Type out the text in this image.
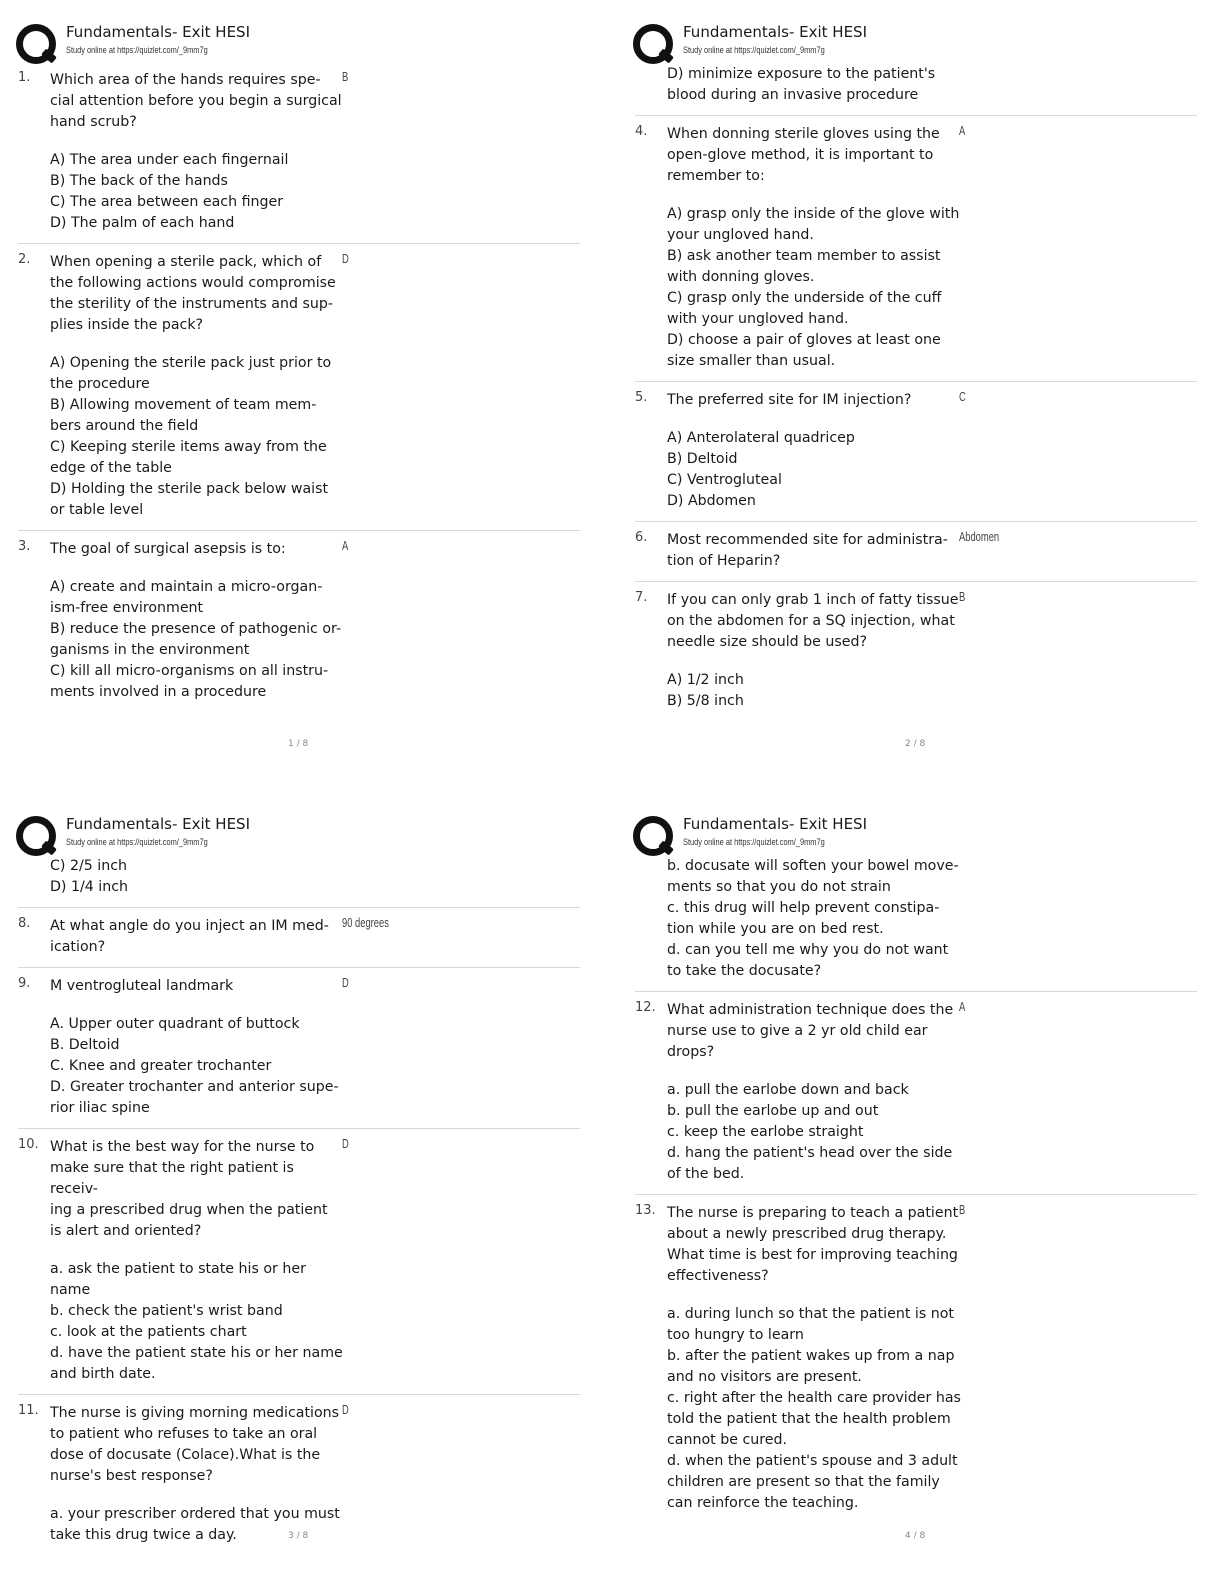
Fundamentals- Exit HESI
Study online at https://quizlet.com/_9mm7g
1.	Which area of the hands requires spe-
cial attention before you begin a surgical
hand scrub?
B
A) The area under each fingernail
B) The back of the hands
C) The area between each finger
D) The palm of each hand
2.	When opening a sterile pack, which of
the following actions would compromise
the sterility of the instruments and sup-
plies inside the pack?
D
A) Opening the sterile pack just prior to
the procedure
B) Allowing movement of team mem-
bers around the field
C) Keeping sterile items away from the
edge of the table
D) Holding the sterile pack below waist
or table level
3.	The goal of surgical asepsis is to:	A
A) create and maintain a micro-organ-
ism-free environment
B) reduce the presence of pathogenic or-
ganisms in the environment
C) kill all micro-organisms on all instru-
ments involved in a procedure
1 / 8
Fundamentals- Exit HESI
Study online at https://quizlet.com/_9mm7g
D) minimize exposure to the patient's
blood during an invasive procedure
4.	When donning sterile gloves using the
open-glove method, it is important to
remember to:
A
A) grasp only the inside of the glove with
your ungloved hand.
B) ask another team member to assist
with donning gloves.
C) grasp only the underside of the cuff
with your ungloved hand.
D) choose a pair of gloves at least one
size smaller than usual.
5.	The preferred site for IM injection?	C
A) Anterolateral quadricep
B) Deltoid
C) Ventrogluteal
D) Abdomen
6.	Most recommended site for administra-
tion of Heparin?
Abdomen
7.	If you can only grab 1 inch of fatty tissue
on the abdomen for a SQ injection, what
needle size should be used?
B
A) 1/2 inch
B) 5/8 inch
2 / 8
Fundamentals- Exit HESI
Study online at https://quizlet.com/_9mm7g
C) 2/5 inch
D) 1/4 inch
8.	At what angle do you inject an IM med-
ication?
90 degrees
9.	M ventrogluteal landmark	D
A. Upper outer quadrant of buttock
B. Deltoid
C. Knee and greater trochanter
D. Greater trochanter and anterior supe-
rior iliac spine
10. What is the best way for the nurse to
make sure that the right patient is receiv-
ing a prescribed drug when the patient
is alert and oriented?
D
a. ask the patient to state his or her
name
b. check the patient's wrist band
c. look at the patients chart
d. have the patient state his or her name
and birth date.
11. The nurse is giving morning medications
to patient who refuses to take an oral
dose of docusate (Colace).What is the
nurse's best response?
D
a. your prescriber ordered that you must
take this drug twice a day.	3 / 8
Fundamentals- Exit HESI
Study online at https://quizlet.com/_9mm7g
b. docusate will soften your bowel move-
ments so that you do not strain
c. this drug will help prevent constipa-
tion while you are on bed rest.
d. can you tell me why you do not want
to take the docusate?
12. What administration technique does the
nurse use to give a 2 yr old child ear
drops?
A
a. pull the earlobe down and back
b. pull the earlobe up and out
c. keep the earlobe straight
d. hang the patient's head over the side
of the bed.
13. The nurse is preparing to teach a patient
about a newly prescribed drug therapy.
What time is best for improving teaching
effectiveness?
B
a. during lunch so that the patient is not
too hungry to learn
b. after the patient wakes up from a nap
and no visitors are present.
c. right after the health care provider has
told the patient that the health problem
cannot be cured.
d. when the patient's spouse and 3 adult
children are present so that the family
can reinforce the teaching.
4 / 8
